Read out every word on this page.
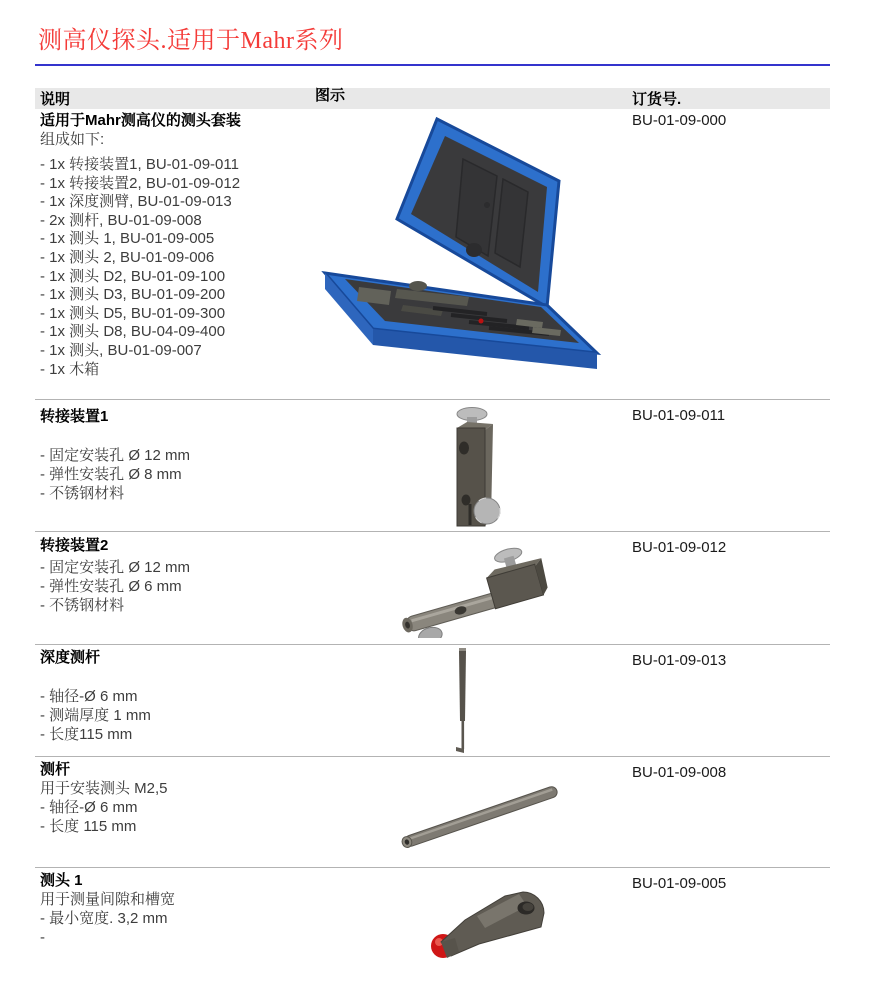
测高仪探头.适用于Mahr系列
说明	图示	订货号.
适用于Mahr测高仪的测头套装
组成如下:
- 1x 转接装置1, BU-01-09-011
- 1x 转接装置2, BU-01-09-012
- 1x 深度测臂, BU-01-09-013
- 2x 测杆, BU-01-09-008
- 1x 测头 1, BU-01-09-005
- 1x 测头 2, BU-01-09-006
- 1x 测头 D2, BU-01-09-100
- 1x 测头 D3, BU-01-09-200
- 1x 测头 D5, BU-01-09-300
- 1x 测头 D8, BU-04-09-400
- 1x 测头, BU-01-09-007
- 1x 木箱
BU-01-09-000
转接装置1
- 固定安装孔 Ø 12 mm
- 弹性安装孔 Ø 8 mm
- 不锈钢材料
BU-01-09-011
转接装置2
- 固定安装孔 Ø 12 mm
- 弹性安装孔 Ø 6 mm
- 不锈钢材料
BU-01-09-012
深度测杆
- 轴径-Ø 6 mm
- 测端厚度 1 mm
- 长度115 mm
BU-01-09-013
测杆
用于安装测头 M2,5
- 轴径-Ø 6 mm
- 长度 115 mm
BU-01-09-008
测头 1
用于测量间隙和槽宽
- 最小宽度. 3,2 mm
-
BU-01-09-005
